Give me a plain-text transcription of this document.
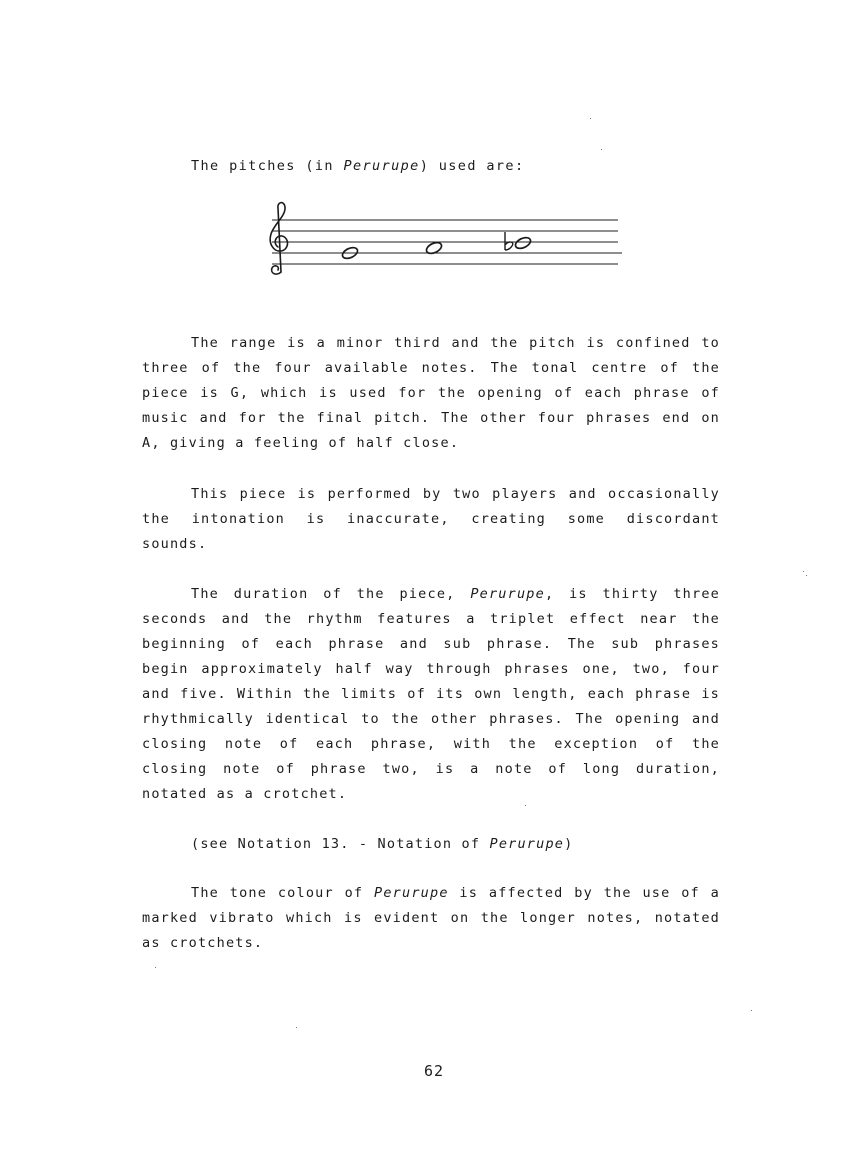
The pitches (in Perurupe) used are:

The range is a minor third and the pitch is confined to three of the four available notes. The tonal centre of the piece is G, which is used for the opening of each phrase of music and for the final pitch. The other four phrases end on A, giving a feeling of half close.

This piece is performed by two players and occasionally the intonation is inaccurate, creating some discordant sounds.

The duration of the piece, Perurupe, is thirty three seconds and the rhythm features a triplet effect near the beginning of each phrase and sub phrase. The sub phrases begin approximately half way through phrases one, two, four and five. Within the limits of its own length, each phrase is rhythmically identical to the other phrases. The opening and closing note of each phrase, with the exception of the closing note of phrase two, is a note of long duration, notated as a crotchet.

(see Notation 13. - Notation of Perurupe)

The tone colour of Perurupe is affected by the use of a marked vibrato which is evident on the longer notes, notated as crotchets.

62
